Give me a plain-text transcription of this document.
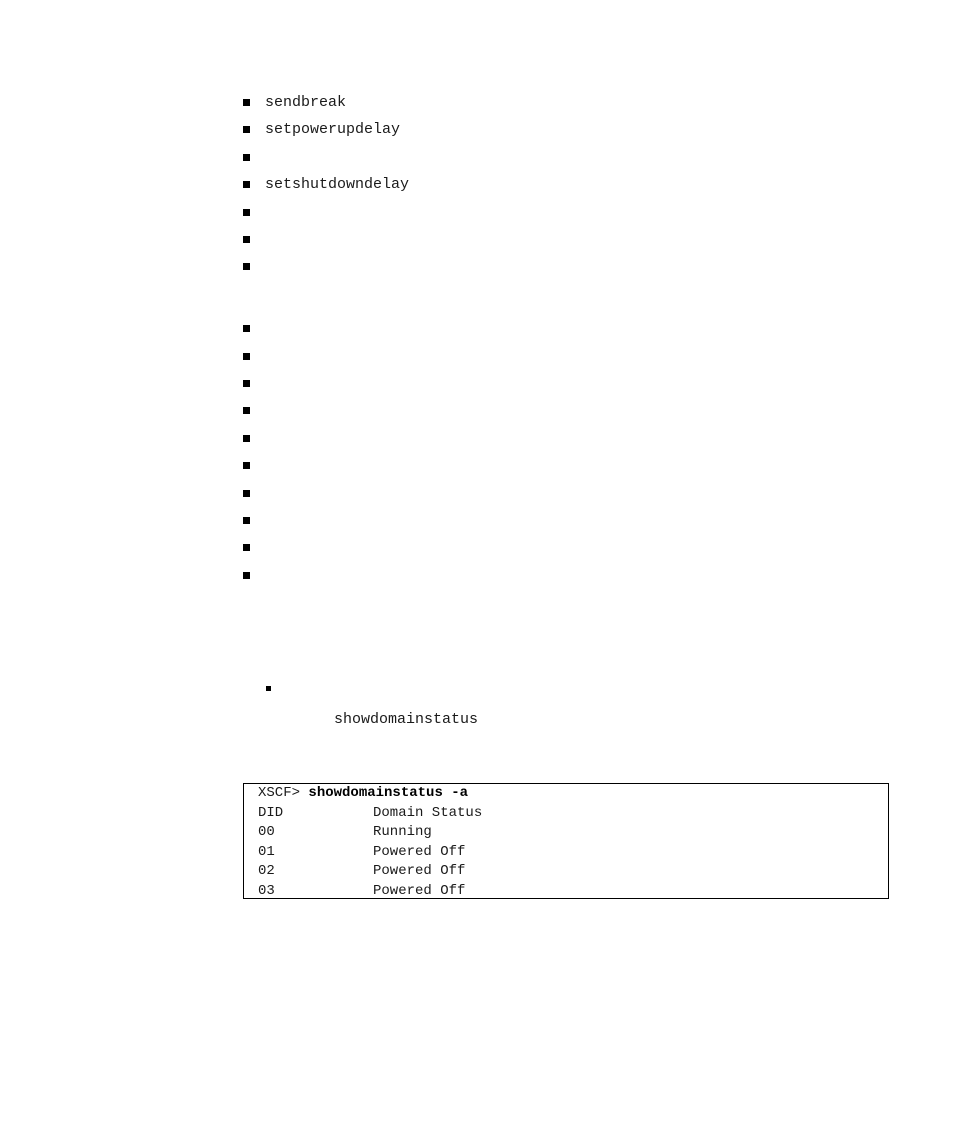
sendbreak
setpowerupdelay
setshutdowndelay
showdomainstatus
XSCF> showdomainstatus -a
DID	Domain Status
00	Running
01	Powered Off
02	Powered Off
03	Powered Off
